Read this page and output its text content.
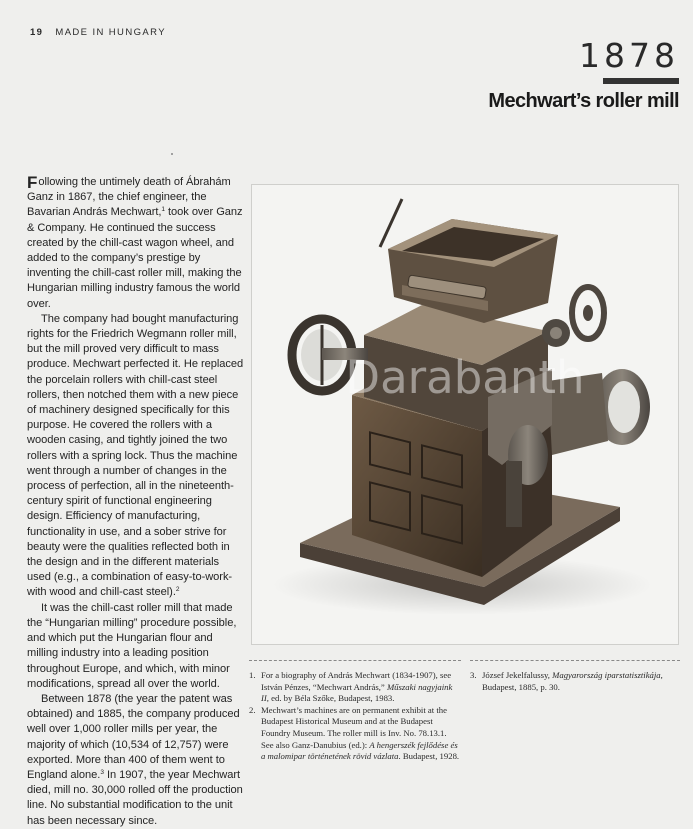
19 MADE IN HUNGARY
1878
Mechwart’s roller mill

Following the untimely death of Ábrahám Ganz in 1867, the chief engineer, the Bavarian András Mechwart,$^1$ took over Ganz & Company. He continued the success created by the chill-cast wagon wheel, and added to the company’s prestige by inventing the chill-cast roller mill, making the Hungarian milling industry famous the world over.

The company had bought manufacturing rights for the Friedrich Wegmann roller mill, but the mill proved very difficult to mass produce. Mechwart perfected it. He replaced the porcelain rollers with chill-cast steel rollers, then notched them with a new piece of machinery designed specifically for this purpose. He covered the rollers with a wooden casing, and tightly joined the two rollers with a spring lock. Thus the machine went through a number of changes in the process of perfection, all in the nineteenth-century spirit of functional engineering design. Efficiency of manufacturing, functionality in use, and a sober strive for beauty were the qualities reflected both in the design and in the different materials used (e.g., a combination of easy-to-work-with wood and chill-cast steel).$^2$

It was the chill-cast roller mill that made the “Hungarian milling” procedure possible, and which put the Hungarian flour and milling industry into a leading position throughout Europe, and which, with minor modifications, spread all over the world.

Between 1878 (the year the patent was obtained) and 1885, the company produced well over 1,000 roller mills per year, the majority of which (10,534 of 12,757) were exported. More than 400 of them went to England alone.$^3$ In 1907, the year Mechwart died, mill no. 30,000 rolled off the production line. No substantial modification to the unit has been necessary since.

Darabanth
1. For a biography of András Mechwart (1834-1907), see István Pénzes, “Mechwart András,” Műszaki nagyjaink II, ed. by Béla Szőke, Budapest, 1983.
2. Mechwart’s machines are on permanent exhibit at the Budapest Historical Museum and at the Budapest Foundry Museum. The roller mill is Inv. No. 78.13.1. See also Ganz-Danubius (ed.): A hengerszék fejlődése és a malomipar történetének rövid vázlata. Budapest, 1928.
3. József Jekelfalussy, Magyarország iparstatisztikája, Budapest, 1885, p. 30.
